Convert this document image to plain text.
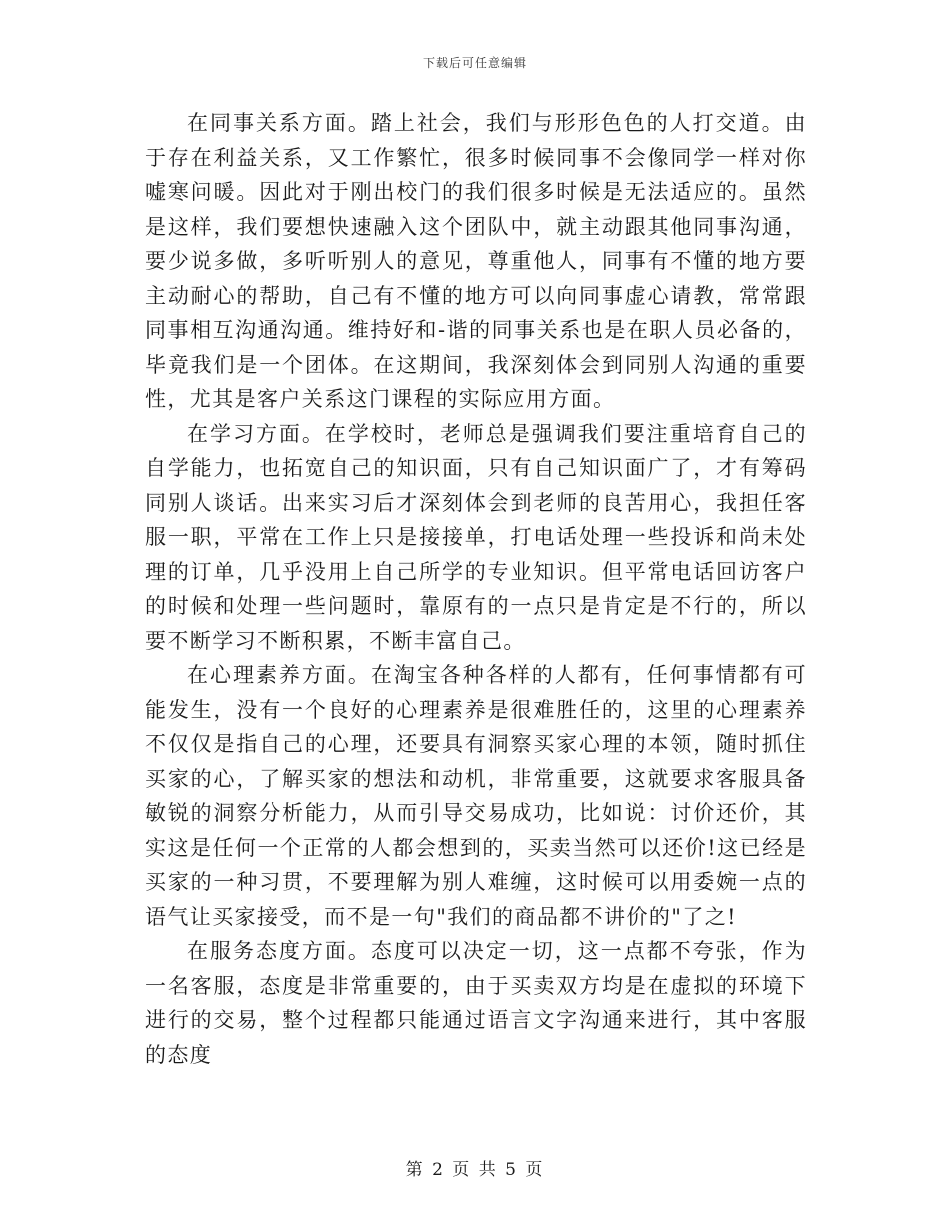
下载后可任意编辑

在同事关系方面。踏上社会，我们与形形色色的人打交道。由于存在利益关系，又工作繁忙，很多时候同事不会像同学一样对你嘘寒问暖。因此对于刚出校门的我们很多时候是无法适应的。虽然是这样，我们要想快速融入这个团队中，就主动跟其他同事沟通，要少说多做，多听听别人的意见，尊重他人，同事有不懂的地方要主动耐心的帮助，自己有不懂的地方可以向同事虚心请教，常常跟同事相互沟通沟通。维持好和-谐的同事关系也是在职人员必备的，毕竟我们是一个团体。在这期间，我深刻体会到同别人沟通的重要性，尤其是客户关系这门课程的实际应用方面。

在学习方面。在学校时，老师总是强调我们要注重培育自己的自学能力，也拓宽自己的知识面，只有自己知识面广了，才有筹码同别人谈话。出来实习后才深刻体会到老师的良苦用心，我担任客服一职，平常在工作上只是接接单，打电话处理一些投诉和尚未处理的订单，几乎没用上自己所学的专业知识。但平常电话回访客户的时候和处理一些问题时，靠原有的一点只是肯定是不行的，所以要不断学习不断积累，不断丰富自己。

在心理素养方面。在淘宝各种各样的人都有，任何事情都有可能发生，没有一个良好的心理素养是很难胜任的，这里的心理素养不仅仅是指自己的心理，还要具有洞察买家心理的本领，随时抓住买家的心，了解买家的想法和动机，非常重要，这就要求客服具备敏锐的洞察分析能力，从而引导交易成功，比如说：讨价还价，其实这是任何一个正常的人都会想到的，买卖当然可以还价!这已经是买家的一种习贯，不要理解为别人难缠，这时候可以用委婉一点的语气让买家接受，而不是一句"我们的商品都不讲价的"了之!

在服务态度方面。态度可以决定一切，这一点都不夸张，作为一名客服，态度是非常重要的，由于买卖双方均是在虚拟的环境下进行的交易，整个过程都只能通过语言文字沟通来进行，其中客服的态度

第 2 页 共 5 页
